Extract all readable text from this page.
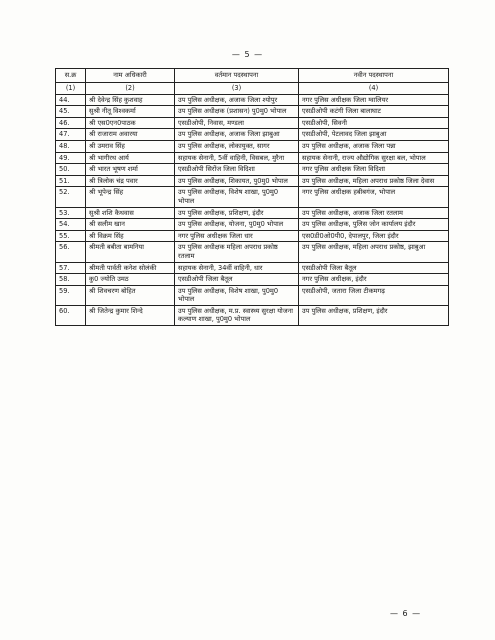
— 5 —
स.क्र	नाम अधिकारी	वर्तमान पदस्थापना	नवीन पदस्थापना
(1)	(2)	(3)	(4)
44.	श्री देवेन्द्र सिंह कुशवाह	उप पुलिस अधीक्षक, अजाक जिला श्योपुर	नगर पुलिस अधीक्षक जिला ग्वालियर
45.	सुश्री नीतू विश्वकर्मा	उप पुलिस अधीक्षक (प्रशासन) पु0मु0 भोपाल	एसडीओपी कटंगी जिला बालाघाट
46.	श्री एस0एन0पाठक	एसडीओपी, निवास, मण्डला	एसडीओपी, सिवनी
47.	श्री राजाराम अवारया	उप पुलिस अधीक्षक, अजाक जिला झाबुआ	एसडीओपी, पेटलावद जिला झाबुआ
48.	श्री उमराव सिंह	उप पुलिस अधीक्षक, लोकायुक्त, सागर	उप पुलिस अधीक्षक, अजाक जिला पन्ना
49.	श्री भागीरथ आर्य	सहायक सेनानी, 5वीं वाहिनी, विसबल, मुरैना	सहायक सेनानी, राज्य औद्योगिक सुरक्षा बल, भोपाल
50.	श्री भारत भूषण शर्मा	एसडीओपी सिरोंज जिला विदिशा	नगर पुलिस अधीक्षक जिला विदिशा
51.	श्री त्रिलोक चंद्र पवार	उप पुलिस अधीक्षक, शिकायत, पु0मु0 भोपाल	उप पुलिस अधीक्षक, महिला अपराध प्रकोष्ठ जिला देवास
52.	श्री भूपेन्द्र सिंह	उप पुलिस अधीक्षक, विशेष शाखा, पु0मु0 भोपाल	नगर पुलिस अधीक्षक हबीबगंज, भोपाल
53.	सुश्री शशि कैथवास	उप पुलिस अधीक्षक, प्रशिक्षण, इंदौर	उप पुलिस अधीक्षक, अजाक जिला रतलाम
54.	श्री सलीम खान	उप पुलिस अधीक्षक, योजना, पु0मु0 भोपाल	उप पुलिस अधीक्षक, पुलिस जोन कार्यालय इंदौर
55.	श्री विक्रम सिंह	नगर पुलिस अधीक्षक जिला धार	एस0डी0ओ0पी0, देपालपुर, जिला इंदौर
56.	श्रीमती बबीता बामनिया	उप पुलिस अधीक्षक महिला अपराध प्रकोष्ठ रतलाम	उप पुलिस अधीक्षक, महिला अपराध प्रकोष्ठ, झाबुआ
57.	श्रीमती पार्वती कनेश सोलंकी	सहायक सेनानी, 34वीं वाहिनी, धार	एसडीओपी जिला बैतूल
58.	कु0 ज्योति उमठ	एसडीओपी जिला बैतूल	नगर पुलिस अधीक्षक, इंदौर
59.	श्री शिवचरण बोहित	उप पुलिस अधीक्षक, विशेष शाखा, पु0मु0 भोपाल	एसडीओपी, जतारा जिला टीकमगढ़
60.	श्री जितेन्द्र कुमार शिन्दे	उप पुलिस अधीक्षक, म.प्र. स्वास्थ्य सुरक्षा योजना कल्याण शाखा, पु0मु0 भोपाल	उप पुलिस अधीक्षक, प्रशिक्षण, इंदौर
— 6 —
